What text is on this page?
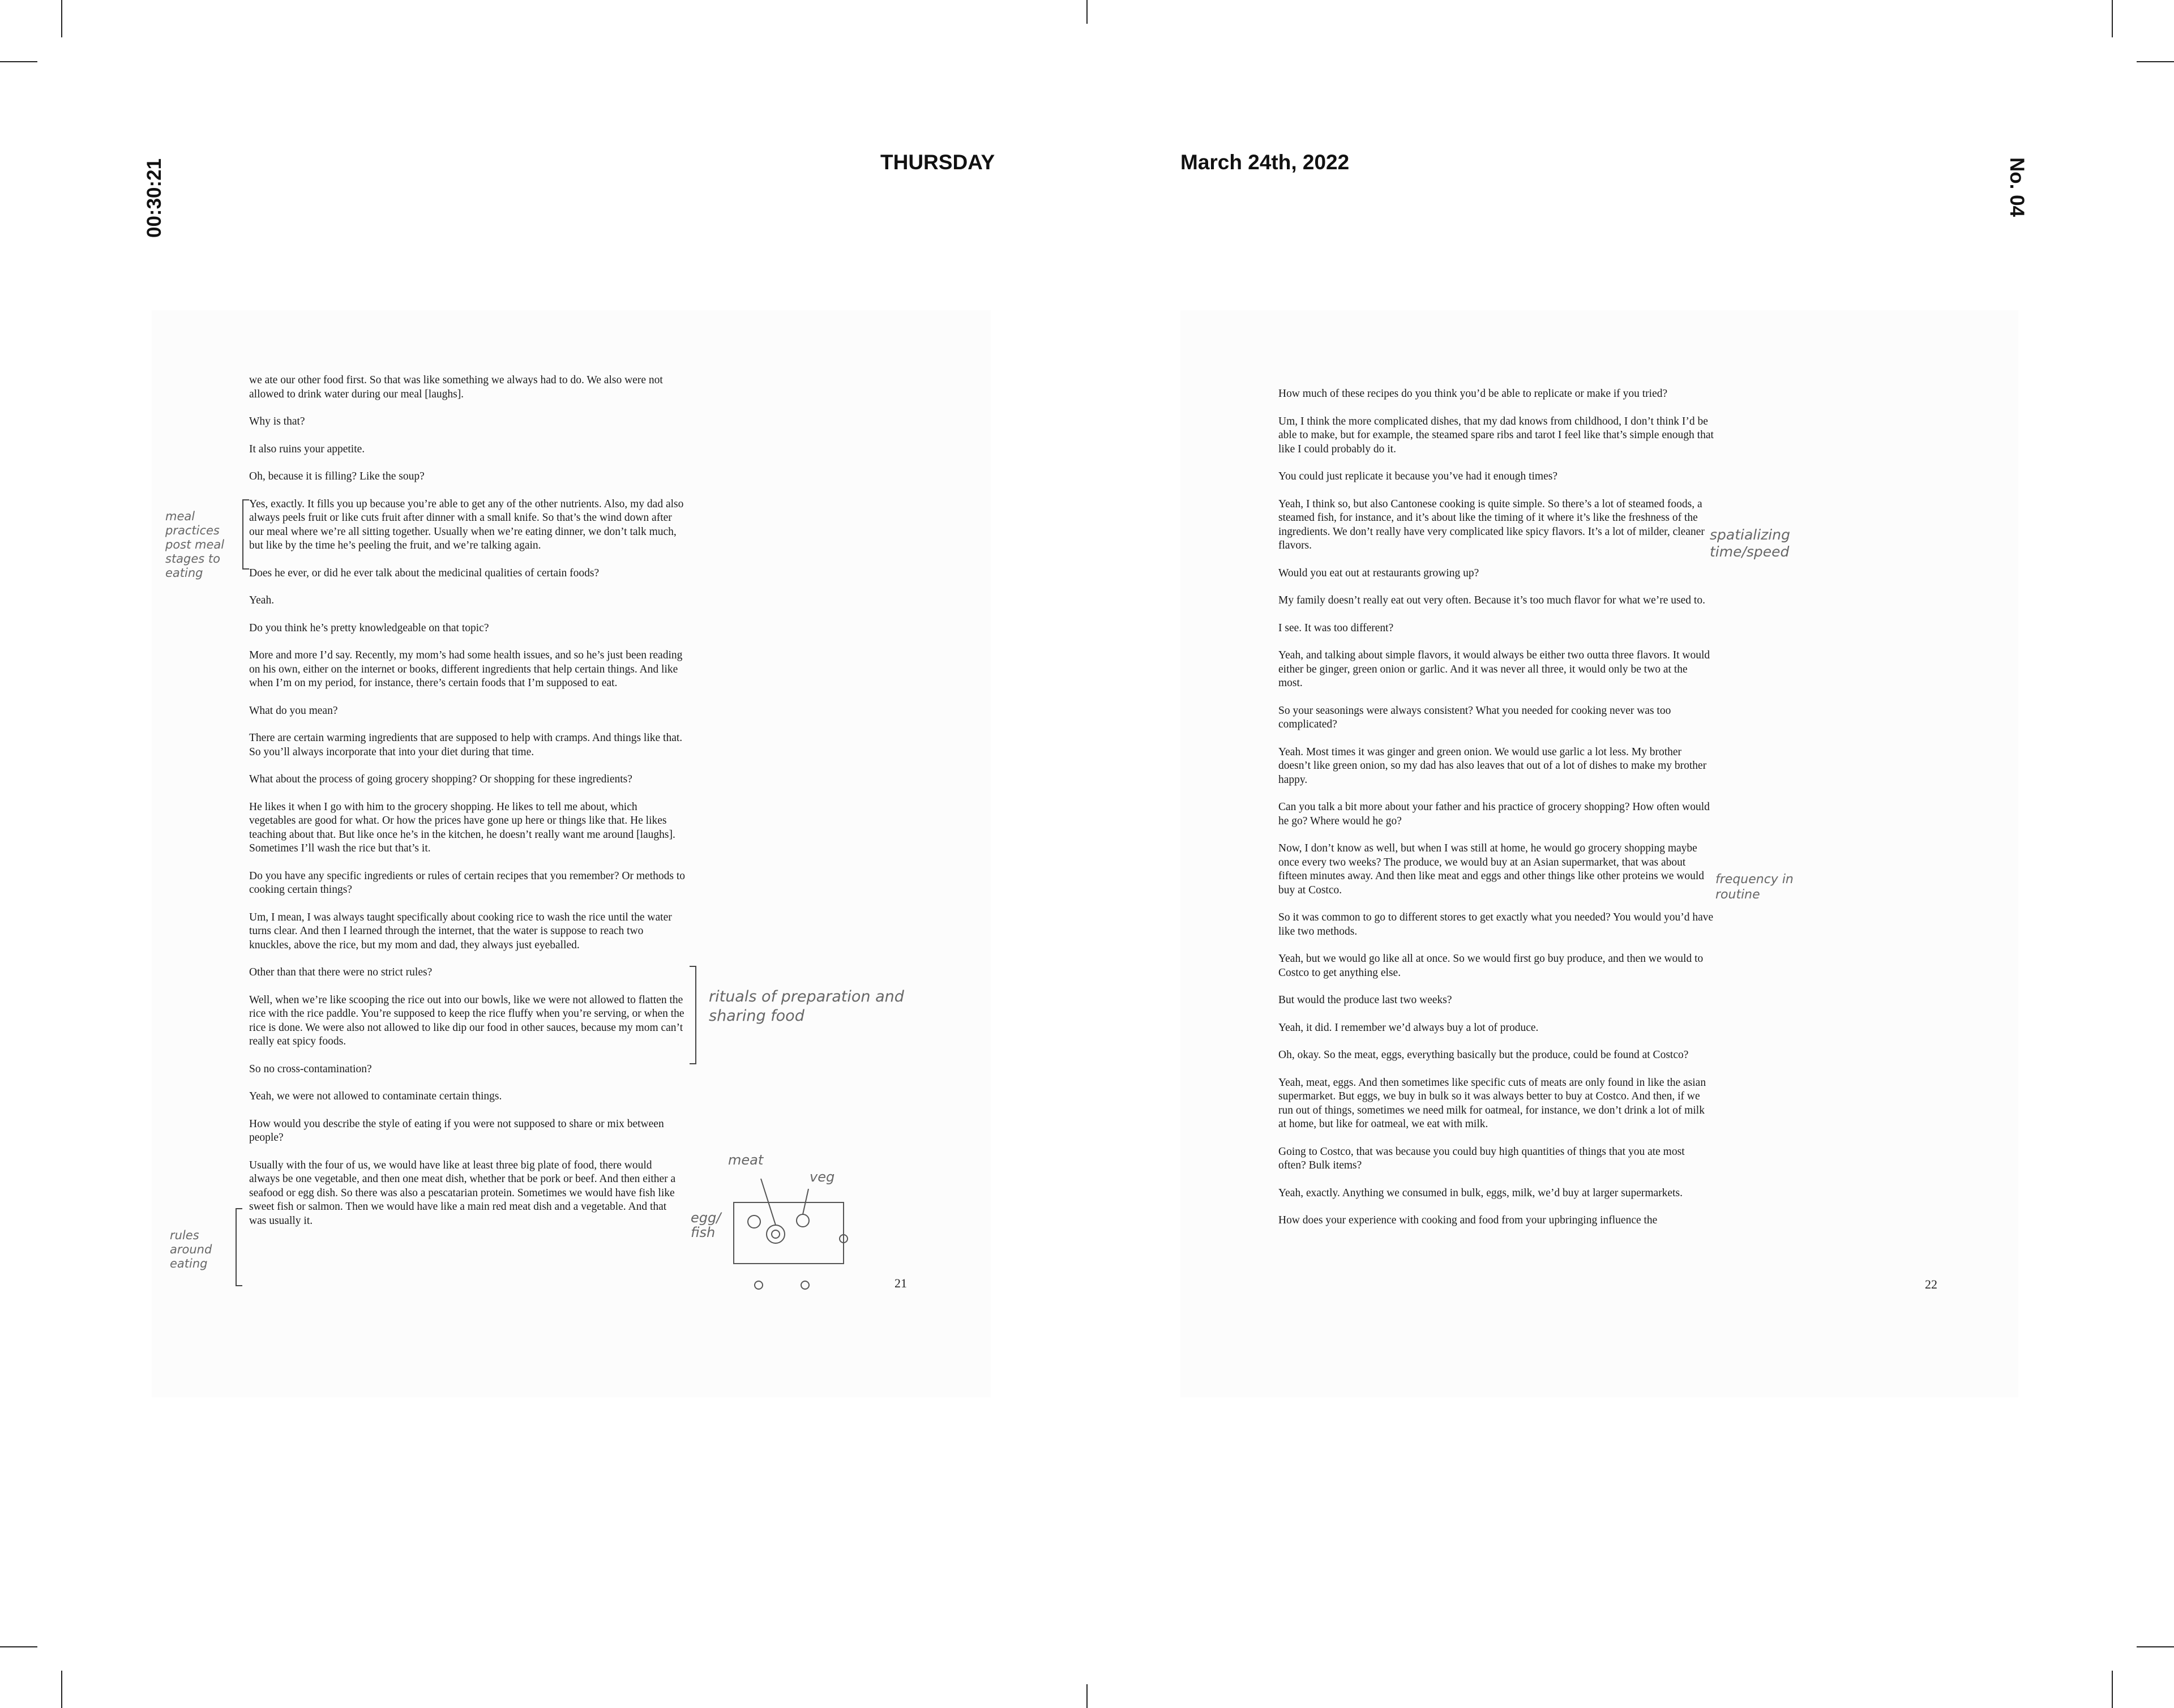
THURSDAY	March 24th, 2022
00:30:21	No. 04

we ate our other food first. So that was like something we always had to do. We also were not allowed to drink water during our meal [laughs].

Why is that?

It also ruins your appetite.

Oh, because it is filling? Like the soup?

Yes, exactly. It fills you up because you’re able to get any of the other nutrients. Also, my dad also always peels fruit or like cuts fruit after dinner with a small knife. So that’s the wind down after our meal where we’re all sitting together. Usually when we’re eating dinner, we don’t talk much, but like by the time he’s peeling the fruit, and we’re talking again.

Does he ever, or did he ever talk about the medicinal qualities of certain foods?

Yeah.

Do you think he’s pretty knowledgeable on that topic?

More and more I’d say. Recently, my mom’s had some health issues, and so he’s just been reading on his own, either on the internet or books, different ingredients that help certain things. And like when I’m on my period, for instance, there’s certain foods that I’m supposed to eat.

What do you mean?

There are certain warming ingredients that are supposed to help with cramps. And things like that. So you’ll always incorporate that into your diet during that time.

What about the process of going grocery shopping? Or shopping for these ingredients?

He likes it when I go with him to the grocery shopping. He likes to tell me about, which vegetables are good for what. Or how the prices have gone up here or things like that. He likes teaching about that. But like once he’s in the kitchen, he doesn’t really want me around [laughs]. Sometimes I’ll wash the rice but that’s it.

Do you have any specific ingredients or rules of certain recipes that you remember? Or methods to cooking certain things?

Um, I mean, I was always taught specifically about cooking rice to wash the rice until the water turns clear. And then I learned through the internet, that the water is suppose to reach two knuckles, above the rice, but my mom and dad, they always just eyeballed.

Other than that there were no strict rules?

Well, when we’re like scooping the rice out into our bowls, like we were not allowed to flatten the rice with the rice paddle. You’re supposed to keep the rice fluffy when you’re serving, or when the rice is done. We were also not allowed to like dip our food in other sauces, because my mom can’t really eat spicy foods.

So no cross-contamination?

Yeah, we were not allowed to contaminate certain things.

How would you describe the style of eating if you were not supposed to share or mix between people?

Usually with the four of us, we would have like at least three big plate of food, there would always be one vegetable, and then one meat dish, whether that be pork or beef. And then either a seafood or egg dish. So there was also a pescatarian protein. Sometimes we would have fish like sweet fish or salmon. Then we would have like a main red meat dish and a vegetable. And that was usually it.

21
meal practices post meal stages to eating
rituals of preparation and sharing food
rules around eating
meat
veg
egg/ fish

How much of these recipes do you think you’d be able to replicate or make if you tried?

Um, I think the more complicated dishes, that my dad knows from childhood, I don’t think I’d be able to make, but for example, the steamed spare ribs and tarot I feel like that’s simple enough that like I could probably do it.

You could just replicate it because you’ve had it enough times?

Yeah, I think so, but also Cantonese cooking is quite simple. So there’s a lot of steamed foods, a steamed fish, for instance, and it’s about like the timing of it where it’s like the freshness of the ingredients. We don’t really have very complicated like spicy flavors. It’s a lot of milder, cleaner flavors.

Would you eat out at restaurants growing up?

My family doesn’t really eat out very often. Because it’s too much flavor for what we’re used to.

I see. It was too different?

Yeah, and talking about simple flavors, it would always be either two outta three flavors. It would either be ginger, green onion or garlic. And it was never all three, it would only be two at the most.

So your seasonings were always consistent? What you needed for cooking never was too complicated?

Yeah. Most times it was ginger and green onion. We would use garlic a lot less. My brother doesn’t like green onion, so my dad has also leaves that out of a lot of dishes to make my brother happy.

Can you talk a bit more about your father and his practice of grocery shopping? How often would he go? Where would he go?

Now, I don’t know as well, but when I was still at home, he would go grocery shopping maybe once every two weeks? The produce, we would buy at an Asian supermarket, that was about fifteen minutes away. And then like meat and eggs and other things like other proteins we would buy at Costco.

So it was common to go to different stores to get exactly what you needed? You would you’d have like two methods.

Yeah, but we would go like all at once. So we would first go buy produce, and then we would to Costco to get anything else.

But would the produce last two weeks?

Yeah, it did. I remember we’d always buy a lot of produce.

Oh, okay. So the meat, eggs, everything basically but the produce, could be found at Costco?

Yeah, meat, eggs. And then sometimes like specific cuts of meats are only found in like the asian supermarket. But eggs, we buy in bulk so it was always better to buy at Costco. And then, if we run out of things, sometimes we need milk for oatmeal, for instance, we don’t drink a lot of milk at home, but like for oatmeal, we eat with milk.

Going to Costco, that was because you could buy high quantities of things that you ate most often? Bulk items?

Yeah, exactly. Anything we consumed in bulk, eggs, milk, we’d buy at larger supermarkets.

How does your experience with cooking and food from your upbringing influence the

22
spatializing time/speed
frequency in routine
